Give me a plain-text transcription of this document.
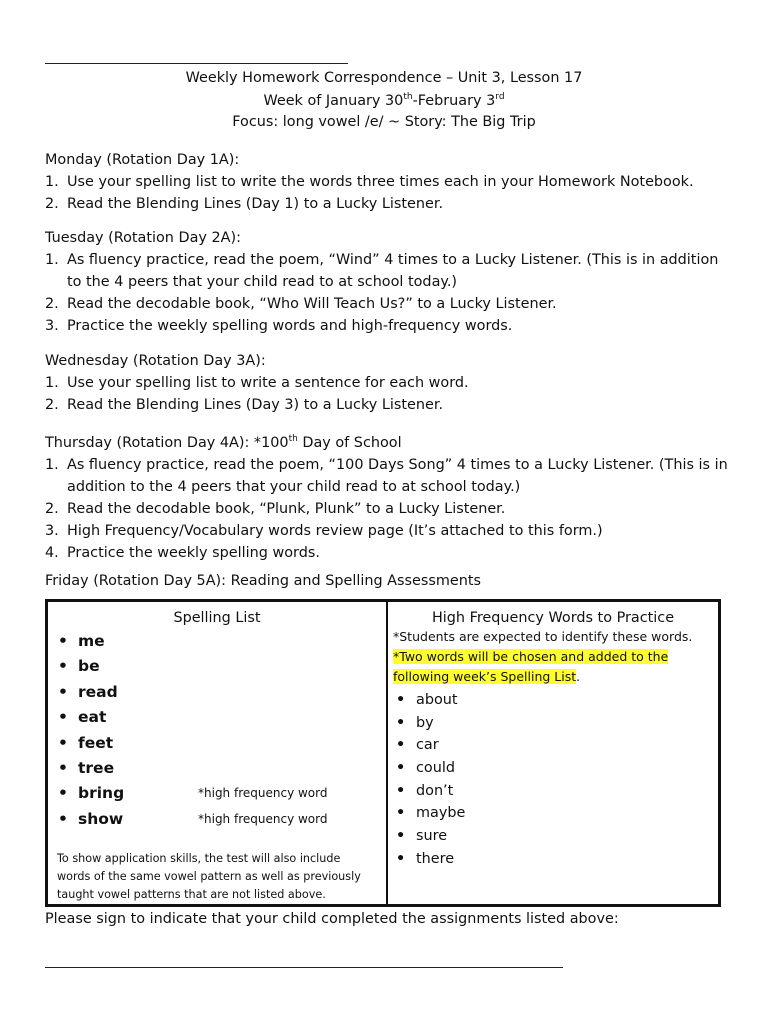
Weekly Homework Correspondence – Unit 3, Lesson 17
Week of January 30th-February 3rd
Focus: long vowel /e/ ~ Story: The Big Trip
Monday (Rotation Day 1A):
1. Use your spelling list to write the words three times each in your Homework Notebook.
2. Read the Blending Lines (Day 1) to a Lucky Listener.
Tuesday (Rotation Day 2A):
1. As fluency practice, read the poem, “Wind” 4 times to a Lucky Listener. (This is in addition
to the 4 peers that your child read to at school today.)
2. Read the decodable book, “Who Will Teach Us?” to a Lucky Listener.
3. Practice the weekly spelling words and high-frequency words.
Wednesday (Rotation Day 3A):
1. Use your spelling list to write a sentence for each word.
2. Read the Blending Lines (Day 3) to a Lucky Listener.
Thursday (Rotation Day 4A): *100th Day of School
1. As fluency practice, read the poem, “100 Days Song” 4 times to a Lucky Listener. (This is in
addition to the 4 peers that your child read to at school today.)
2. Read the decodable book, “Plunk, Plunk” to a Lucky Listener.
3. High Frequency/Vocabulary words review page (It’s attached to this form.)
4. Practice the weekly spelling words.
Friday (Rotation Day 5A): Reading and Spelling Assessments
Spelling List
• me
• be
• read
• eat
• feet
• tree
• bring	*high frequency word
• show	*high frequency word
To show application skills, the test will also include words of the same vowel pattern as well as previously taught vowel patterns that are not listed above.

High Frequency Words to Practice
*Students are expected to identify these words.
*Two words will be chosen and added to the
following week’s Spelling List.
• about
• by
• car
• could
• don’t
• maybe
• sure
• there
Please sign to indicate that your child completed the assignments listed above:
